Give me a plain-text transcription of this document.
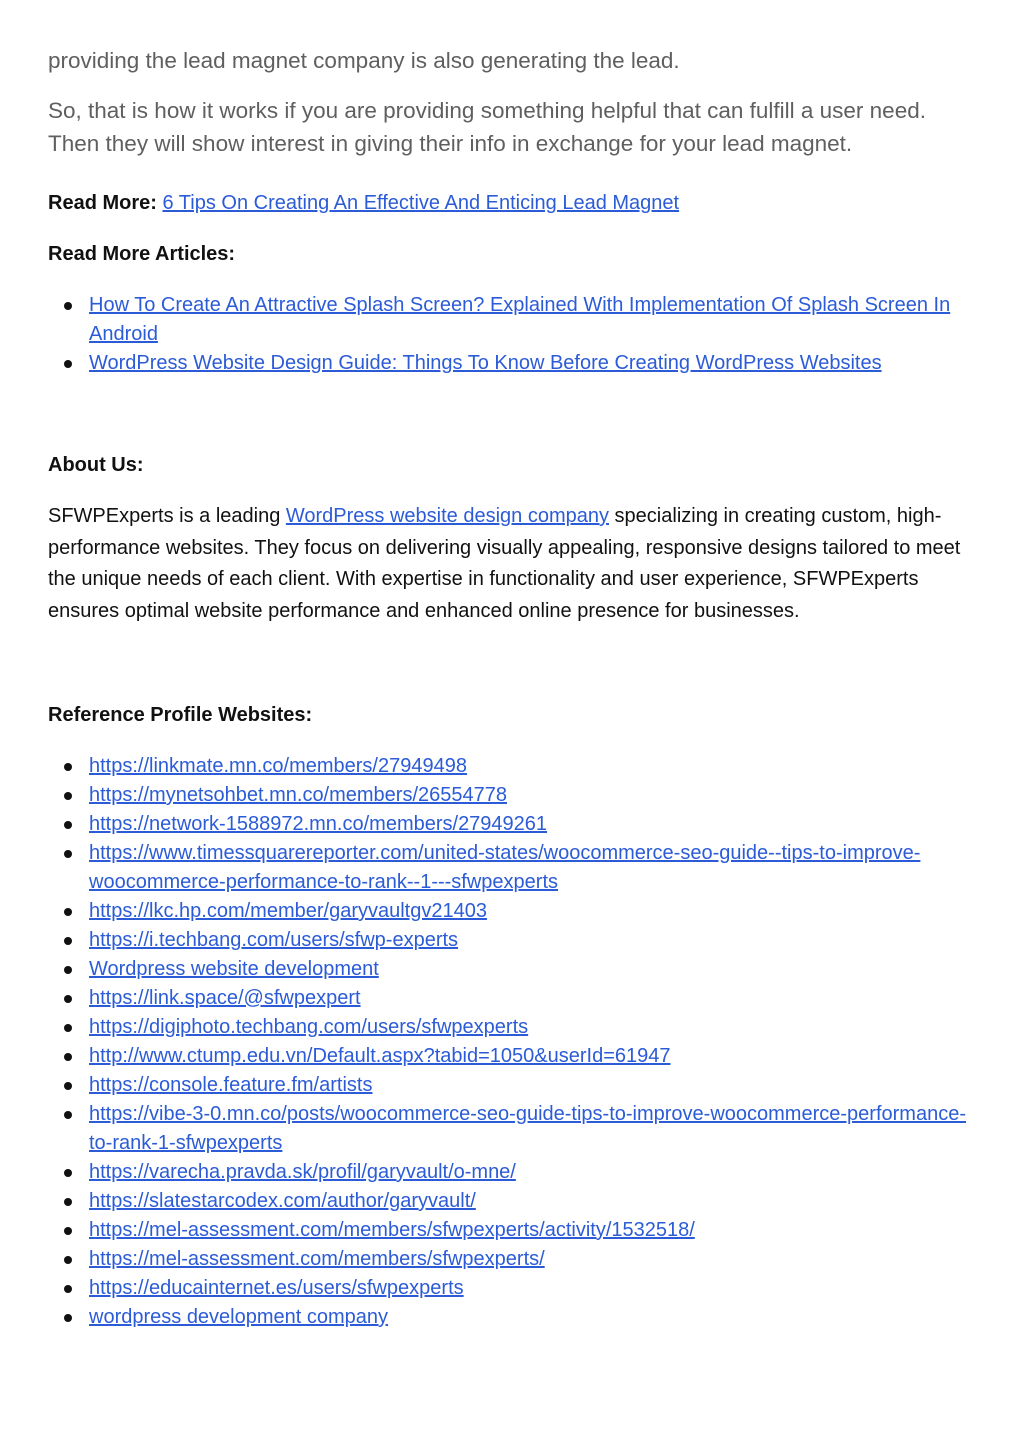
providing the lead magnet company is also generating the lead.

So, that is how it works if you are providing something helpful that can fulfill a user need. Then they will show interest in giving their info in exchange for your lead magnet.

Read More: 6 Tips On Creating An Effective And Enticing Lead Magnet

Read More Articles:

How To Create An Attractive Splash Screen? Explained With Implementation Of Splash Screen In Android
WordPress Website Design Guide: Things To Know Before Creating WordPress Websites

About Us:

SFWPExperts is a leading WordPress website design company specializing in creating custom, high-performance websites. They focus on delivering visually appealing, responsive designs tailored to meet the unique needs of each client. With expertise in functionality and user experience, SFWPExperts ensures optimal website performance and enhanced online presence for businesses.

Reference Profile Websites:

https://linkmate.mn.co/members/27949498
https://mynetsohbet.mn.co/members/26554778
https://network-1588972.mn.co/members/27949261
https://www.timessquarereporter.com/united-states/woocommerce-seo-guide--tips-to-improve-woocommerce-performance-to-rank--1---sfwpexperts
https://lkc.hp.com/member/garyvaultgv21403
https://i.techbang.com/users/sfwp-experts
Wordpress website development
https://link.space/@sfwpexpert
https://digiphoto.techbang.com/users/sfwpexperts
http://www.ctump.edu.vn/Default.aspx?tabid=1050&userId=61947
https://console.feature.fm/artists
https://vibe-3-0.mn.co/posts/woocommerce-seo-guide-tips-to-improve-woocommerce-performance-to-rank-1-sfwpexperts
https://varecha.pravda.sk/profil/garyvault/o-mne/
https://slatestarcodex.com/author/garyvault/
https://mel-assessment.com/members/sfwpexperts/activity/1532518/
https://mel-assessment.com/members/sfwpexperts/
https://educainternet.es/users/sfwpexperts
wordpress development company
